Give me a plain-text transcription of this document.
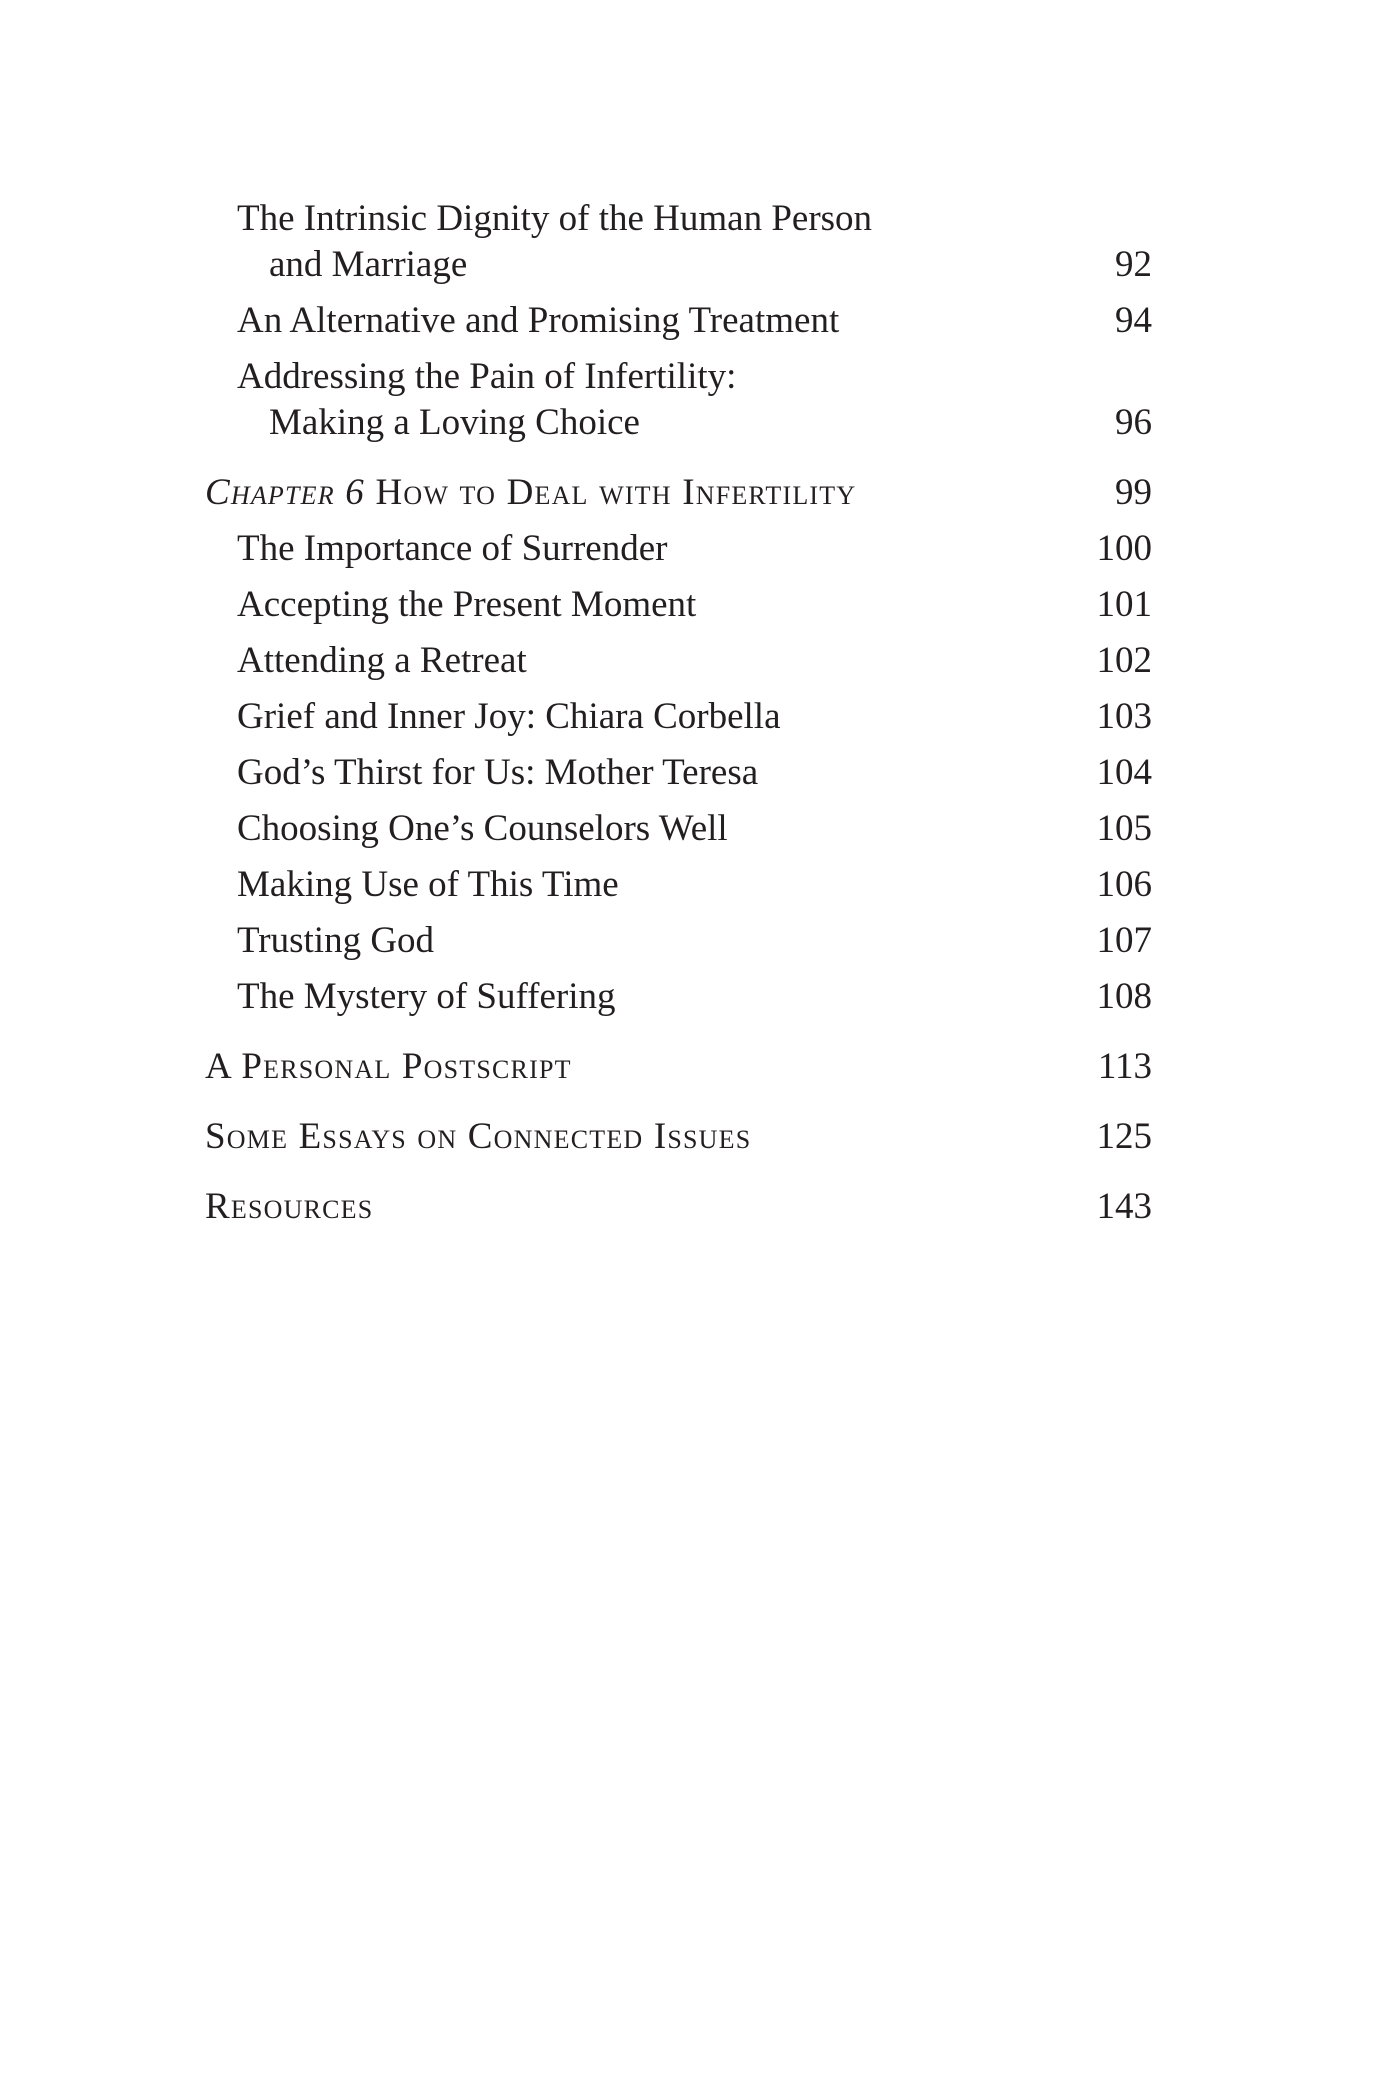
The Intrinsic Dignity of the Human Person
and Marriage	92
An Alternative and Promising Treatment	94
Addressing the Pain of Infertility:
Making a Loving Choice	96
Chapter 6 How to Deal with Infertility	99
The Importance of Surrender	100
Accepting the Present Moment	101
Attending a Retreat	102
Grief and Inner Joy: Chiara Corbella	103
God’s Thirst for Us: Mother Teresa	104
Choosing One’s Counselors Well	105
Making Use of This Time	106
Trusting God	107
The Mystery of Suffering	108
A Personal Postscript	113
Some Essays on Connected Issues	125
Resources	143
